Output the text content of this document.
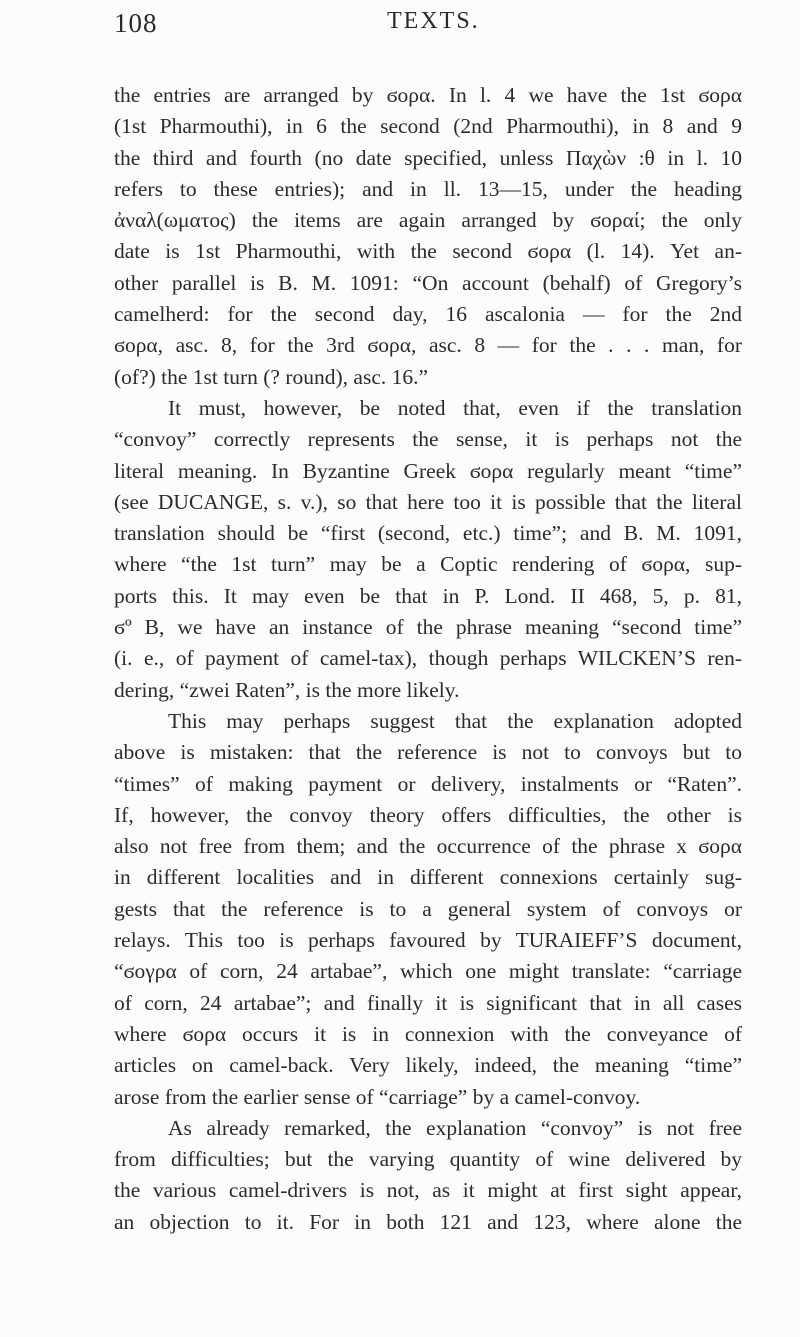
108	TEXTS.
the entries are arranged by ϭορα. In l. 4 we have the 1st ϭορα
(1st Pharmouthi), in 6 the second (2nd Pharmouthi), in 8 and 9
the third and fourth (no date specified, unless Παχὼν :θ in l. 10
refers to these entries); and in ll. 13—15, under the heading
ἀναλ(ωματος) the items are again arranged by ϭοραί; the only
date is 1st Pharmouthi, with the second ϭορα (l. 14). Yet an-
other parallel is B. M. 1091: “On account (behalf) of Gregory’s
camelherd: for the second day, 16 ascalonia — for the 2nd
ϭορα, asc. 8, for the 3rd ϭορα, asc. 8 — for the . . . man, for
(of?) the 1st turn (? round), asc. 16.”
It must, however, be noted that, even if the translation
“convoy” correctly represents the sense, it is perhaps not the
literal meaning. In Byzantine Greek ϭορα regularly meant “time”
(see DUCANGE, s. v.), so that here too it is possible that the literal
translation should be “first (second, etc.) time”; and B. M. 1091,
where “the 1st turn” may be a Coptic rendering of ϭορα, sup-
ports this. It may even be that in P. Lond. II 468, 5, p. 81,
ϭº Β, we have an instance of the phrase meaning “second time”
(i. e., of payment of camel-tax), though perhaps WILCKEN’S ren-
dering, “zwei Raten”, is the more likely.
This may perhaps suggest that the explanation adopted
above is mistaken: that the reference is not to convoys but to
“times” of making payment or delivery, instalments or “Raten”.
If, however, the convoy theory offers difficulties, the other is
also not free from them; and the occurrence of the phrase x ϭορα
in different localities and in different connexions certainly sug-
gests that the reference is to a general system of convoys or
relays. This too is perhaps favoured by TURAIEFF’S document,
“ϭογρα of corn, 24 artabae”, which one might translate: “carriage
of corn, 24 artabae”; and finally it is significant that in all cases
where ϭορα occurs it is in connexion with the conveyance of
articles on camel-back. Very likely, indeed, the meaning “time”
arose from the earlier sense of “carriage” by a camel-convoy.
As already remarked, the explanation “convoy” is not free
from difficulties; but the varying quantity of wine delivered by
the various camel-drivers is not, as it might at first sight appear,
an objection to it. For in both 121 and 123, where alone the
